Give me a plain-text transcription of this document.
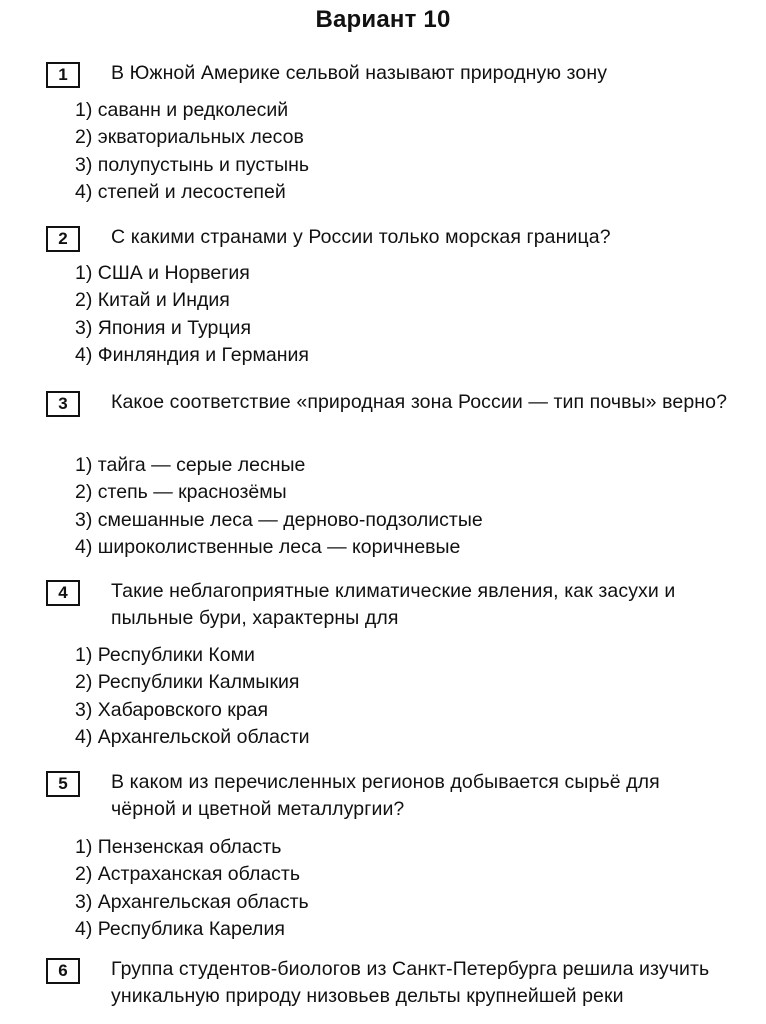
Вариант 10
1	В Южной Америке сельвой называют природную зону
1) саванн и редколесий
2) экваториальных лесов
3) полупустынь и пустынь
4) степей и лесостепей
2	С какими странами у России только морская граница?
1) США и Норвегия
2) Китай и Индия
3) Япония и Турция
4) Финляндия и Германия
3	Какое соответствие «природная зона России — тип почвы» верно?
1) тайга — серые лесные
2) степь — краснозёмы
3) смешанные леса — дерново-подзолистые
4) широколиственные леса — коричневые
4	Такие неблагоприятные климатические явления, как засухи и пыльные бури, характерны для
1) Республики Коми
2) Республики Калмыкия
3) Хабаровского края
4) Архангельской области
5	В каком из перечисленных регионов добывается сырьё для чёрной и цветной металлургии?
1) Пензенская область
2) Астраханская область
3) Архангельская область
4) Республика Карелия
6	Группа студентов-биологов из Санкт-Петербурга решила изучить уникальную природу низовьев дельты крупнейшей реки
